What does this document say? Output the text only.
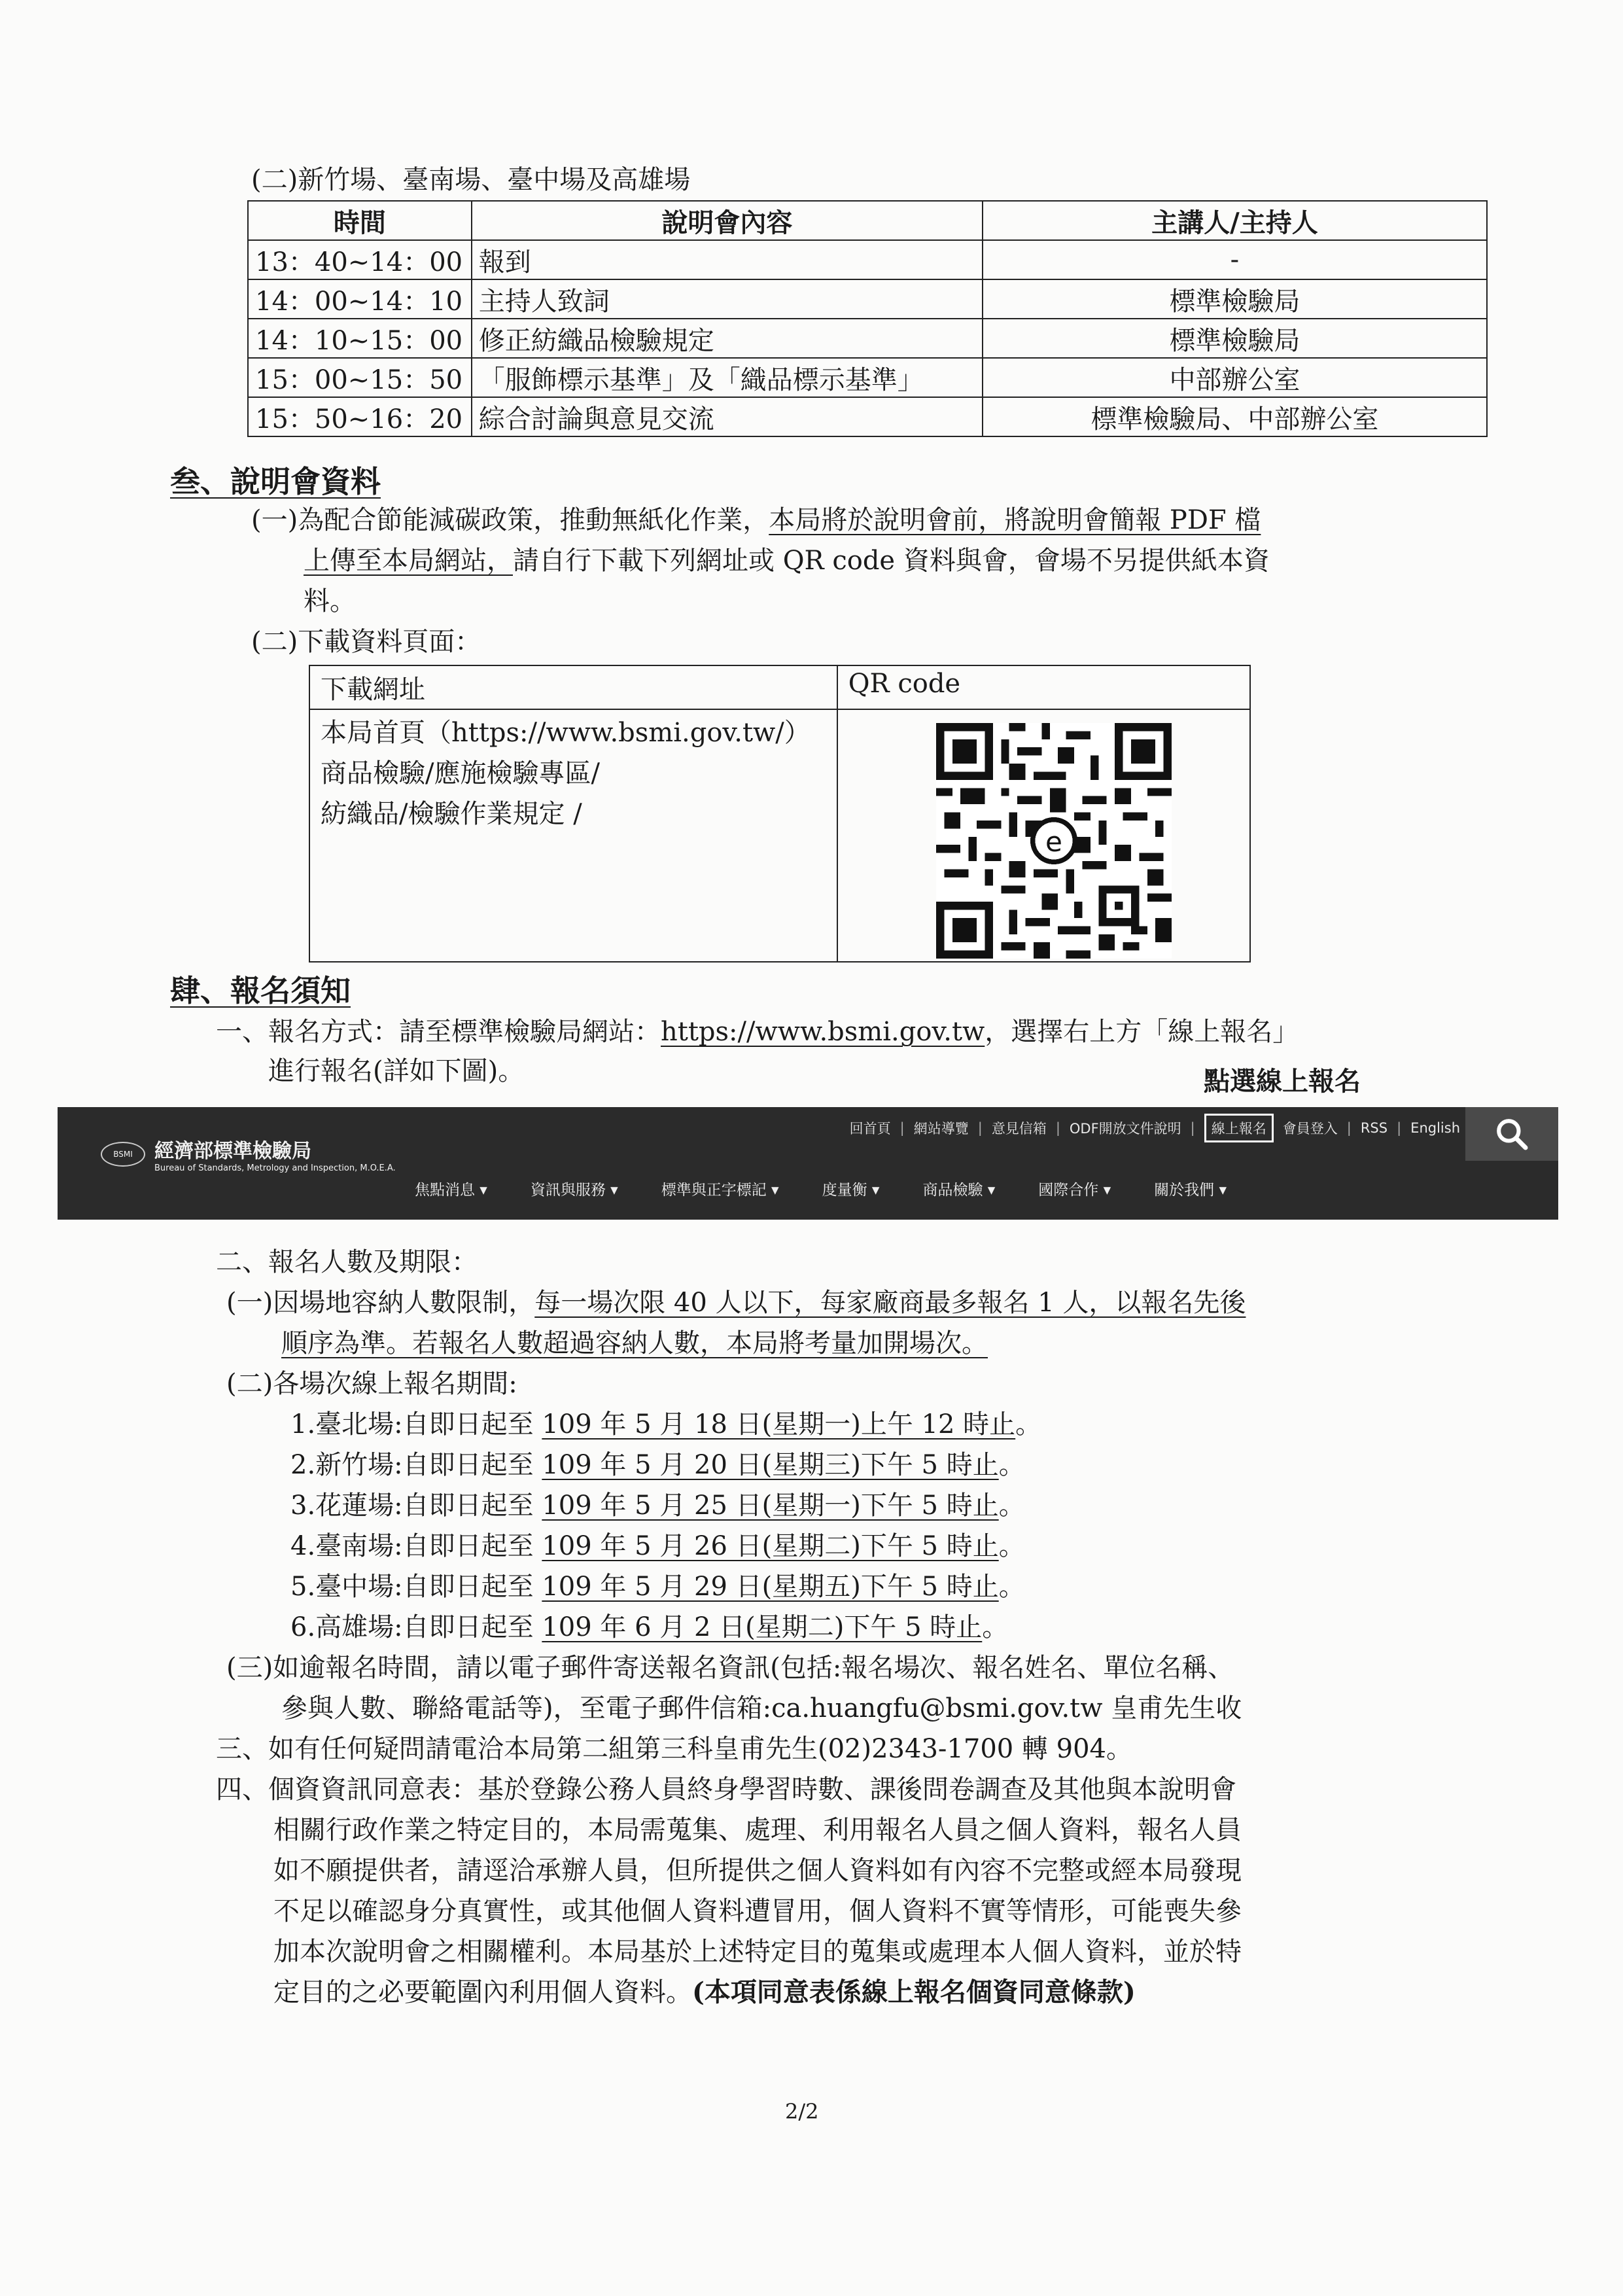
(二)新竹場、臺南場、臺中場及高雄場
時間	說明會內容	主講人/主持人
13：40~14：00	報到	-
14：00~14：10	主持人致詞	標準檢驗局
14：10~15：00	修正紡織品檢驗規定	標準檢驗局
15：00~15：50	「服飾標示基準」及「織品標示基準」	中部辦公室
15：50~16：20	綜合討論與意見交流	標準檢驗局、中部辦公室
叁、說明會資料
(一)為配合節能減碳政策，推動無紙化作業，本局將於說明會前，將說明會簡報 PDF 檔
上傳至本局網站，請自行下載下列網址或 QR code 資料與會，會場不另提供紙本資
料。
(二)下載資料頁面：
下載網址	QR code

本局首頁（https://www.bsmi.gov.tw/）
商品檢驗/應施檢驗專區/
紡織品/檢驗作業規定 /	e
肆、報名須知
一、報名方式：請至標準檢驗局網站：https://www.bsmi.gov.tw，選擇右上方「線上報名」
進行報名(詳如下圖)。	點選線上報名
BSMI 經濟部標準檢驗局
Bureau of Standards, Metrology and Inspection, M.O.E.A.
回首頁 | 網站導覽 | 意見信箱 | ODF開放文件說明 |	線上報名	會員登入 | RSS | English
焦點消息 ▾	資訊與服務 ▾	標準與正字標記 ▾	度量衡 ▾	商品檢驗 ▾	國際合作 ▾	關於我們 ▾
二、報名人數及期限：
(一)因場地容納人數限制，每一場次限 40 人以下，每家廠商最多報名 1 人，以報名先後
順序為準。若報名人數超過容納人數，本局將考量加開場次。
(二)各場次線上報名期間:
1.臺北場:自即日起至 109 年 5 月 18 日(星期一)上午 12 時止。
2.新竹場:自即日起至 109 年 5 月 20 日(星期三)下午 5 時止。
3.花蓮場:自即日起至 109 年 5 月 25 日(星期一)下午 5 時止。
4.臺南場:自即日起至 109 年 5 月 26 日(星期二)下午 5 時止。
5.臺中場:自即日起至 109 年 5 月 29 日(星期五)下午 5 時止。
6.高雄場:自即日起至 109 年 6 月 2 日(星期二)下午 5 時止。
(三)如逾報名時間，請以電子郵件寄送報名資訊(包括:報名場次、報名姓名、單位名稱、
參與人數、聯絡電話等)，至電子郵件信箱:ca.huangfu@bsmi.gov.tw 皇甫先生收
三、如有任何疑問請電洽本局第二組第三科皇甫先生(02)2343-1700 轉 904。
四、個資資訊同意表：基於登錄公務人員終身學習時數、課後問卷調查及其他與本說明會
相關行政作業之特定目的，本局需蒐集、處理、利用報名人員之個人資料，報名人員
如不願提供者，請逕洽承辦人員，但所提供之個人資料如有內容不完整或經本局發現
不足以確認身分真實性，或其他個人資料遭冒用，個人資料不實等情形，可能喪失參
加本次說明會之相關權利。本局基於上述特定目的蒐集或處理本人個人資料，並於特
定目的之必要範圍內利用個人資料。(本項同意表係線上報名個資同意條款)
2/2
